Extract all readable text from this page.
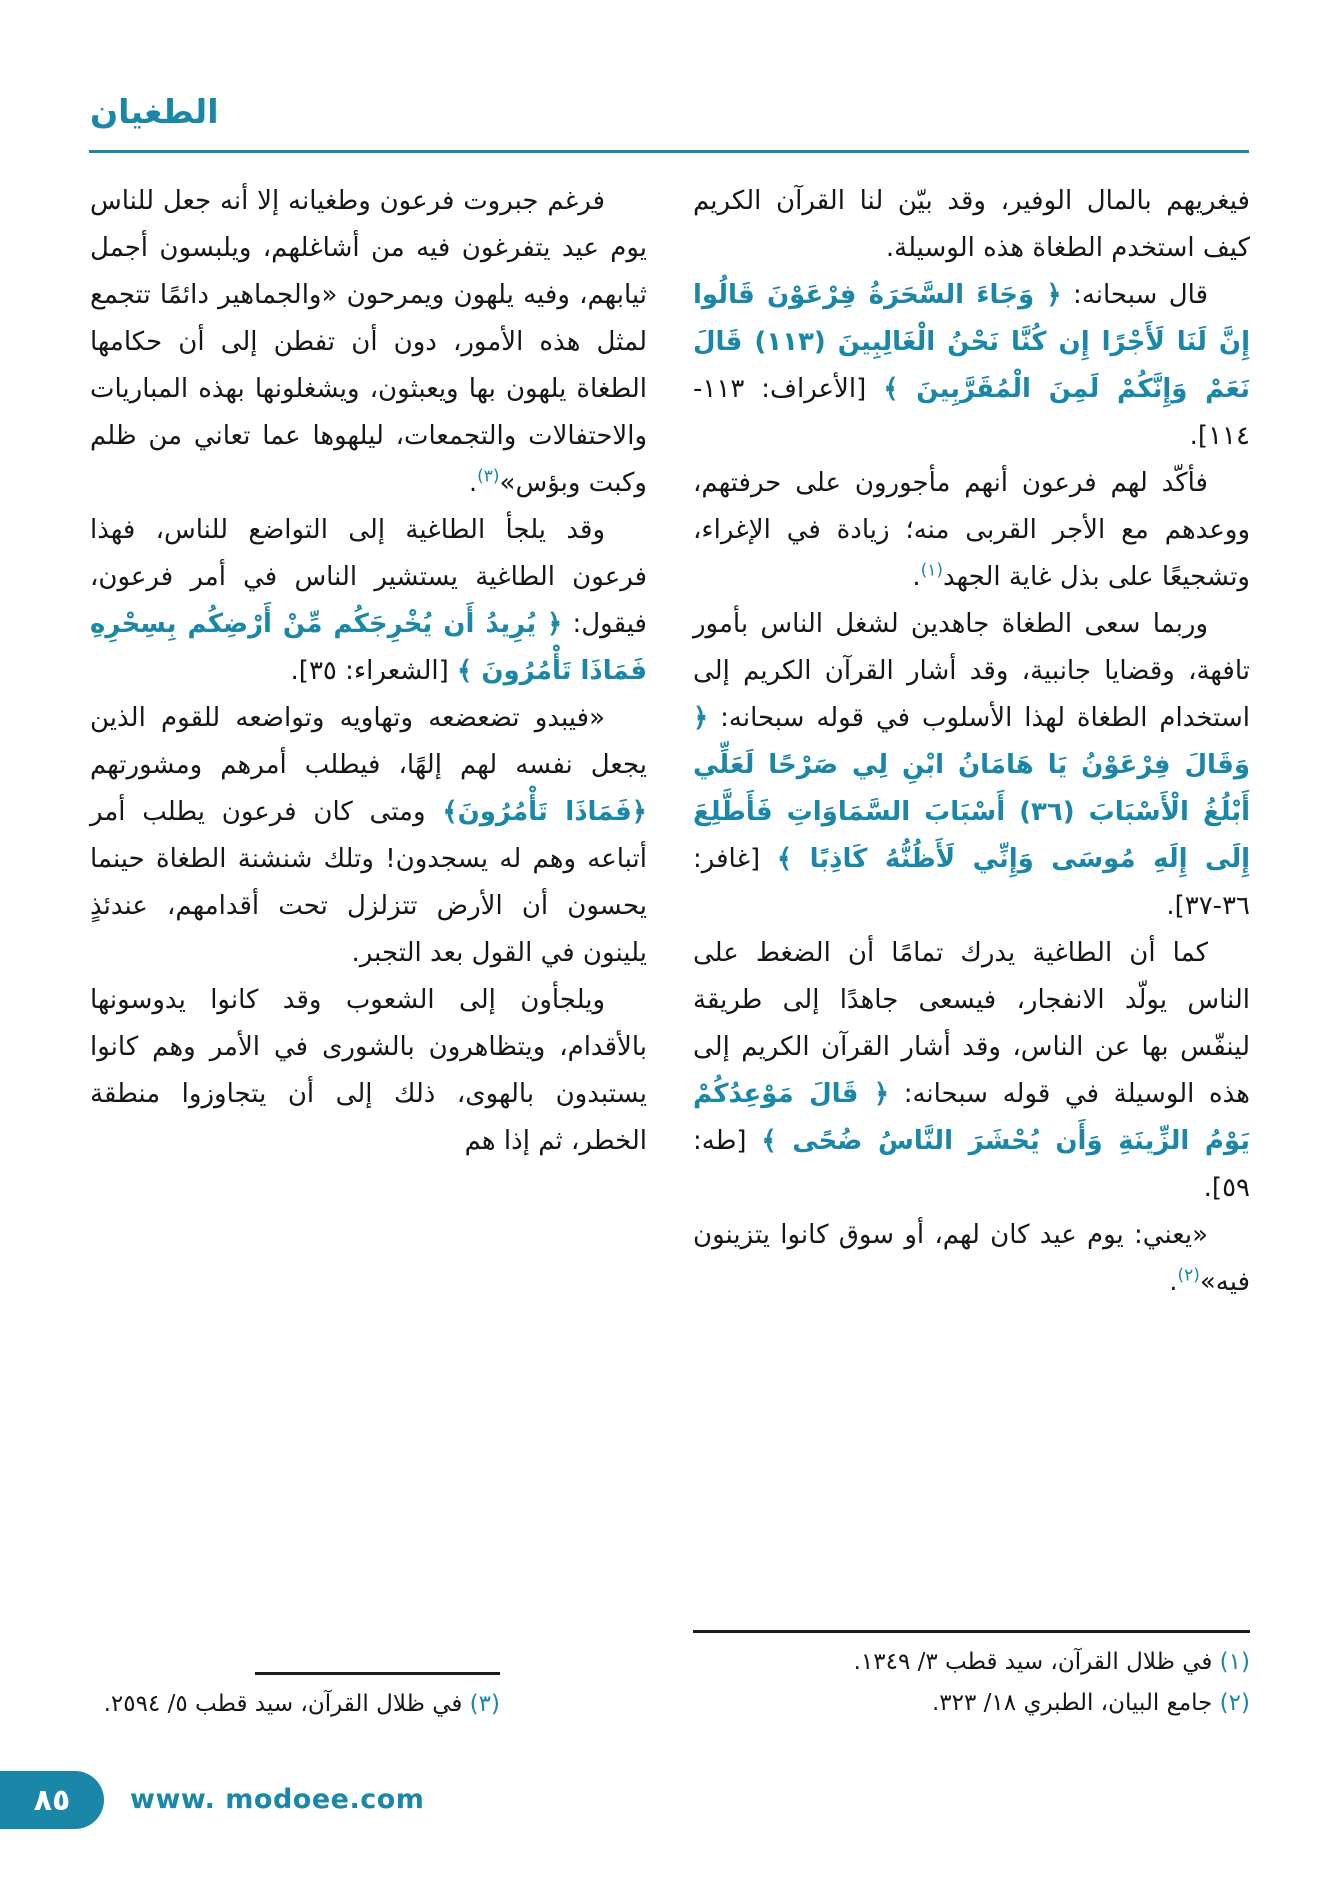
الطغيان

فيغريهم بالمال الوفير، وقد بيّن لنا القرآن الكريم كيف استخدم الطغاة هذه الوسيلة.

قال سبحانه: ﴿ وَجَاءَ السَّحَرَةُ فِرْعَوْنَ قَالُوا إِنَّ لَنَا لَأَجْرًا إِن كُنَّا نَحْنُ الْغَالِبِينَ (١١٣) قَالَ نَعَمْ وَإِنَّكُمْ لَمِنَ الْمُقَرَّبِينَ ﴾ [الأعراف: ١١٣- ١١٤].

فأكّد لهم فرعون أنهم مأجورون على حرفتهم، ووعدهم مع الأجر القربى منه؛ زيادة في الإغراء، وتشجيعًا على بذل غاية الجهد$^{(١)}$.

وربما سعى الطغاة جاهدين لشغل الناس بأمور تافهة، وقضايا جانبية، وقد أشار القرآن الكريم إلى استخدام الطغاة لهذا الأسلوب في قوله سبحانه: ﴿ وَقَالَ فِرْعَوْنُ يَا هَامَانُ ابْنِ لِي صَرْحًا لَعَلِّي أَبْلُغُ الْأَسْبَابَ (٣٦) أَسْبَابَ السَّمَاوَاتِ فَأَطَّلِعَ إِلَى إِلَهِ مُوسَى وَإِنِّي لَأَظُنُّهُ كَاذِبًا ﴾ [غافر: ٣٦-٣٧].

كما أن الطاغية يدرك تمامًا أن الضغط على الناس يولّد الانفجار، فيسعى جاهدًا إلى طريقة لينفّس بها عن الناس، وقد أشار القرآن الكريم إلى هذه الوسيلة في قوله سبحانه: ﴿ قَالَ مَوْعِدُكُمْ يَوْمُ الزِّينَةِ وَأَن يُحْشَرَ النَّاسُ ضُحًى ﴾ [طه: ٥٩].

«يعني: يوم عيد كان لهم، أو سوق كانوا يتزينون فيه»$^{(٢)}$.

فرغم جبروت فرعون وطغيانه إلا أنه جعل للناس يوم عيد يتفرغون فيه من أشاغلهم، ويلبسون أجمل ثيابهم، وفيه يلهون ويمرحون «والجماهير دائمًا تتجمع لمثل هذه الأمور، دون أن تفطن إلى أن حكامها الطغاة يلهون بها ويعبثون، ويشغلونها بهذه المباريات والاحتفالات والتجمعات، ليلهوها عما تعاني من ظلم وكبت وبؤس»$^{(٣)}$.

وقد يلجأ الطاغية إلى التواضع للناس، فهذا فرعون الطاغية يستشير الناس في أمر فرعون، فيقول: ﴿ يُرِيدُ أَن يُخْرِجَكُم مِّنْ أَرْضِكُم بِسِحْرِهِ فَمَاذَا تَأْمُرُونَ ﴾ [الشعراء: ٣٥].

«فيبدو تضعضعه وتهاويه وتواضعه للقوم الذين يجعل نفسه لهم إلهًا، فيطلب أمرهم ومشورتهم ﴿فَمَاذَا تَأْمُرُونَ﴾ ومتى كان فرعون يطلب أمر أتباعه وهم له يسجدون! وتلك شنشنة الطغاة حينما يحسون أن الأرض تتزلزل تحت أقدامهم، عندئذٍ يلينون في القول بعد التجبر.

ويلجأون إلى الشعوب وقد كانوا يدوسونها بالأقدام، ويتظاهرون بالشورى في الأمر وهم كانوا يستبدون بالهوى، ذلك إلى أن يتجاوزوا منطقة الخطر، ثم إذا هم

(١) في ظلال القرآن، سيد قطب ٣/ ١٣٤٩.
(٢) جامع البيان، الطبري ١٨/ ٣٢٣.
(٣) في ظلال القرآن، سيد قطب ٥/ ٢٥٩٤.
٨٥ www. modoee.com
